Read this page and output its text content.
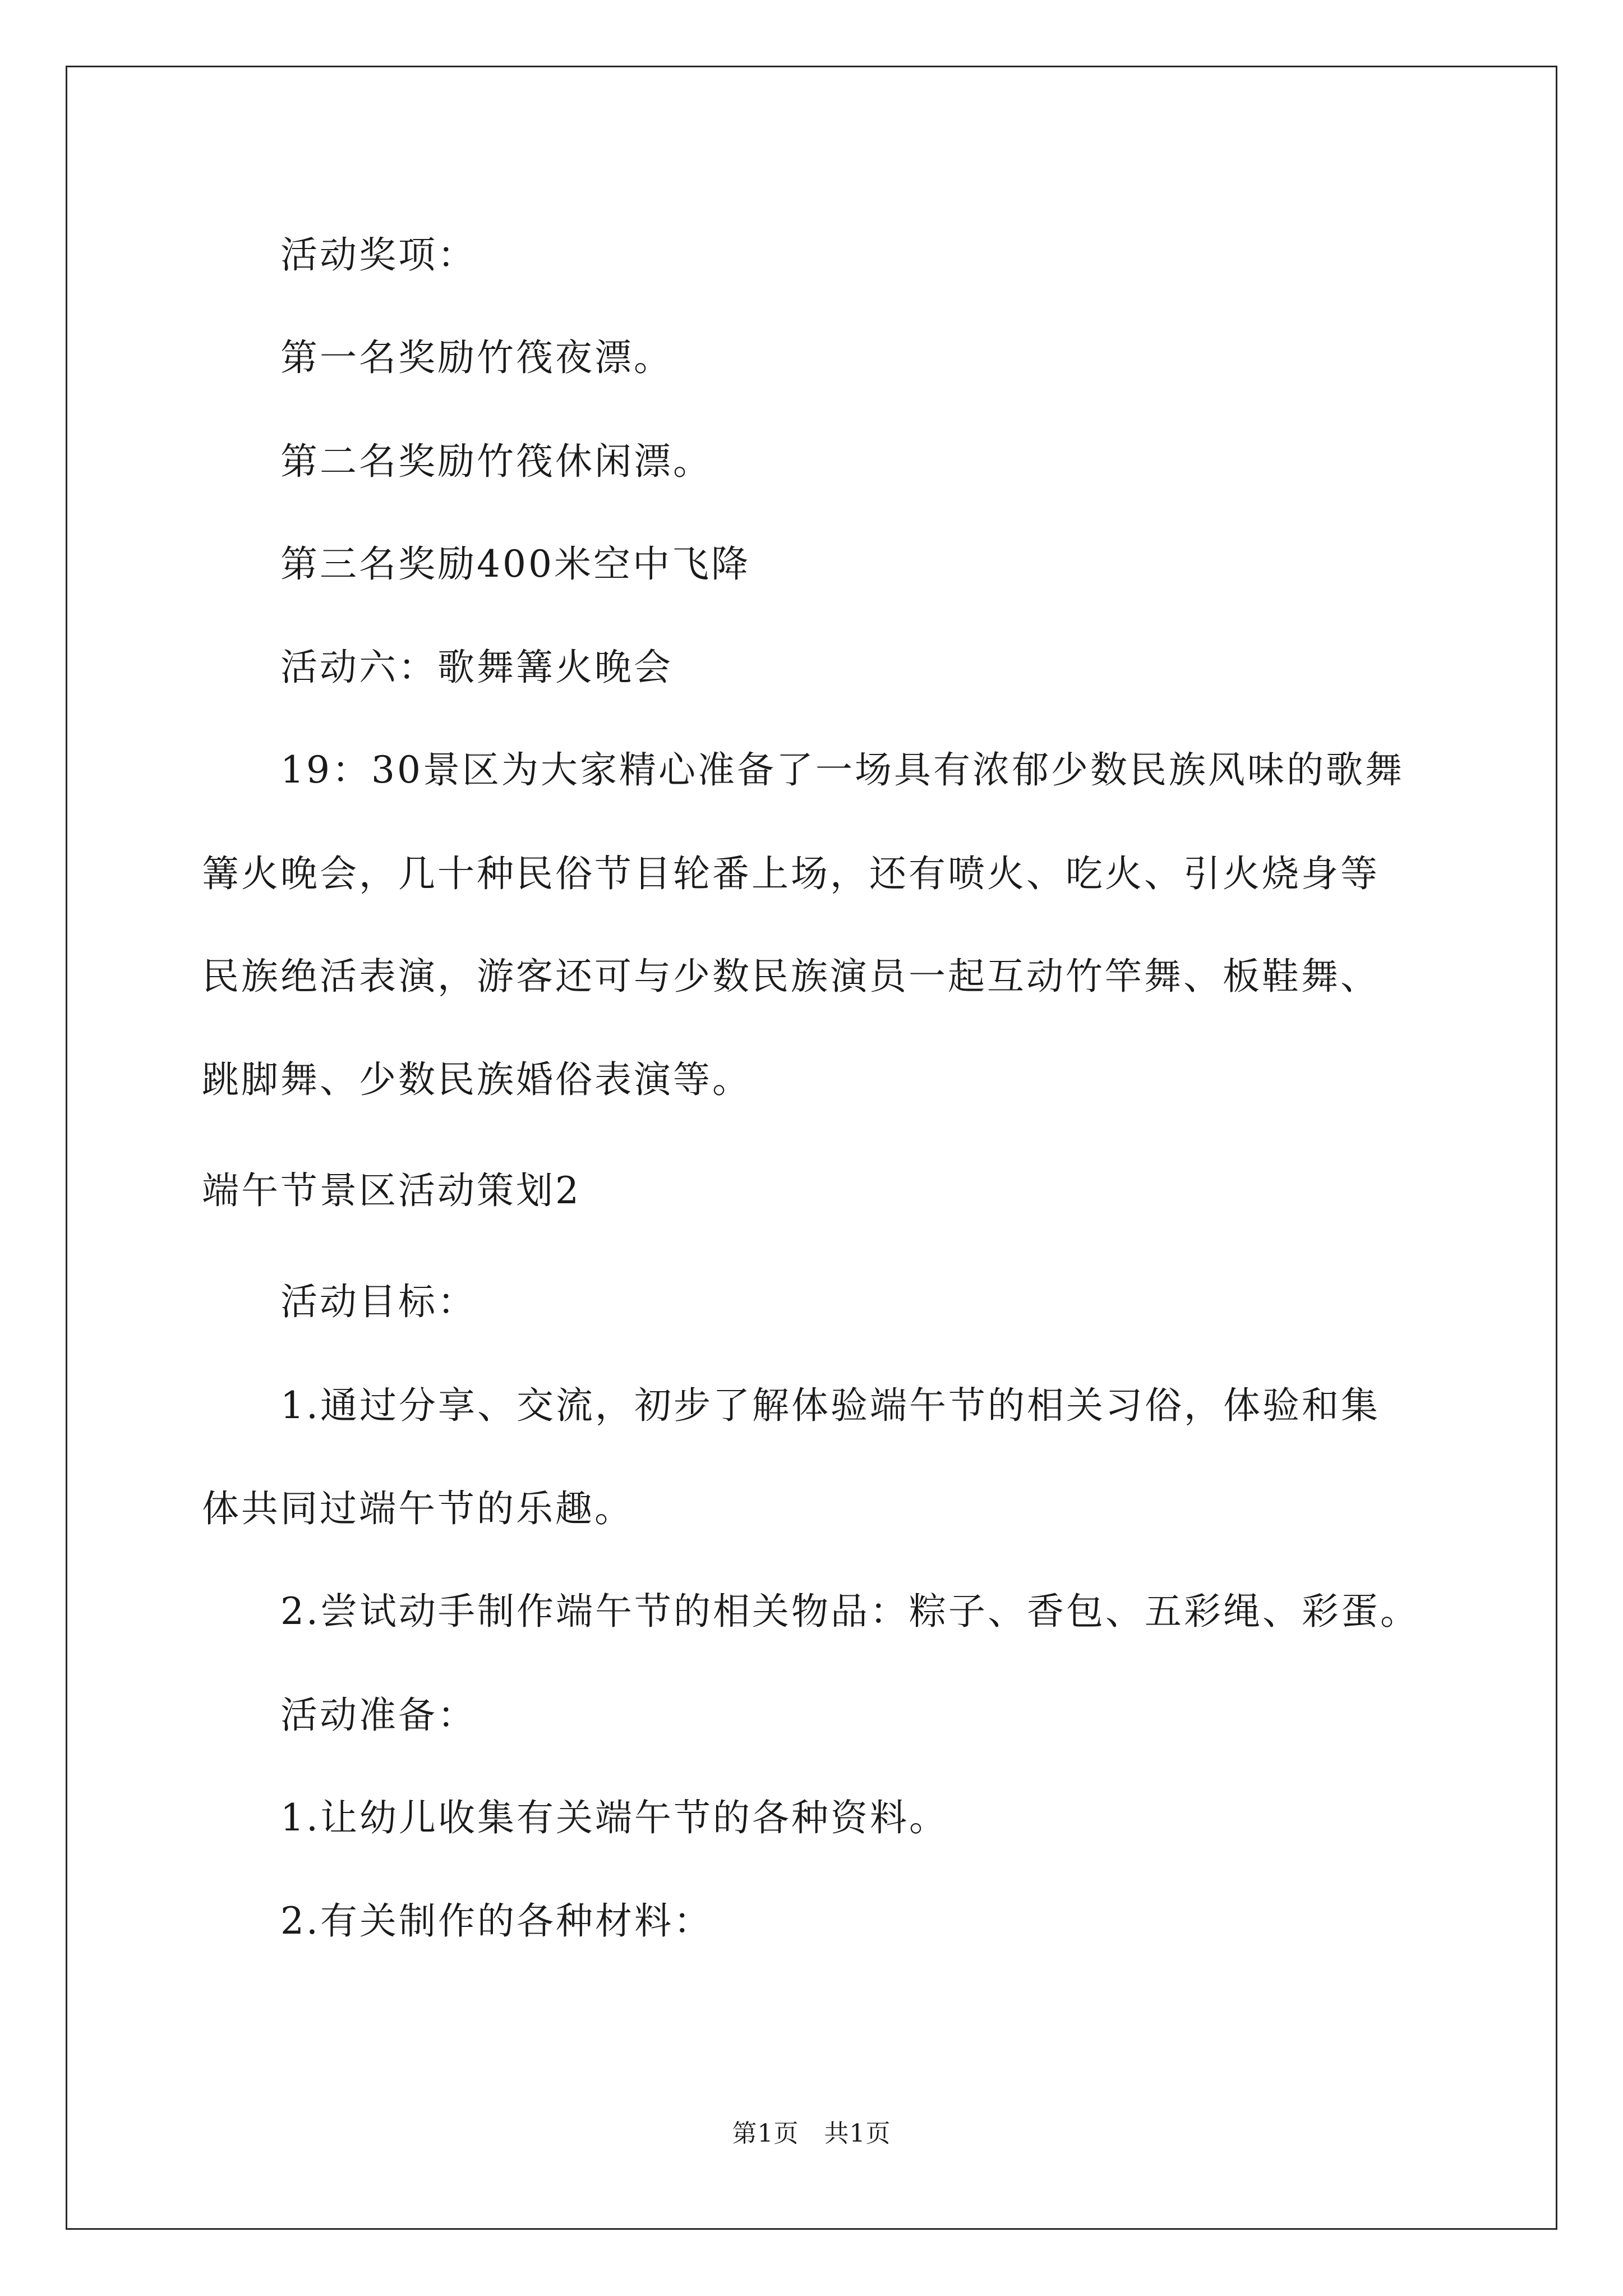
活动奖项：
第一名奖励竹筏夜漂。
第二名奖励竹筏休闲漂。
第三名奖励400米空中飞降
活动六：歌舞篝火晚会
19：30景区为大家精心准备了一场具有浓郁少数民族风味的歌舞
篝火晚会，几十种民俗节目轮番上场，还有喷火、吃火、引火烧身等
民族绝活表演，游客还可与少数民族演员一起互动竹竿舞、板鞋舞、
跳脚舞、少数民族婚俗表演等。
端午节景区活动策划2
活动目标：
1.通过分享、交流，初步了解体验端午节的相关习俗，体验和集
体共同过端午节的乐趣。
2.尝试动手制作端午节的相关物品：粽子、香包、五彩绳、彩蛋。
活动准备：
1.让幼儿收集有关端午节的各种资料。
2.有关制作的各种材料：
第1页　共1页
